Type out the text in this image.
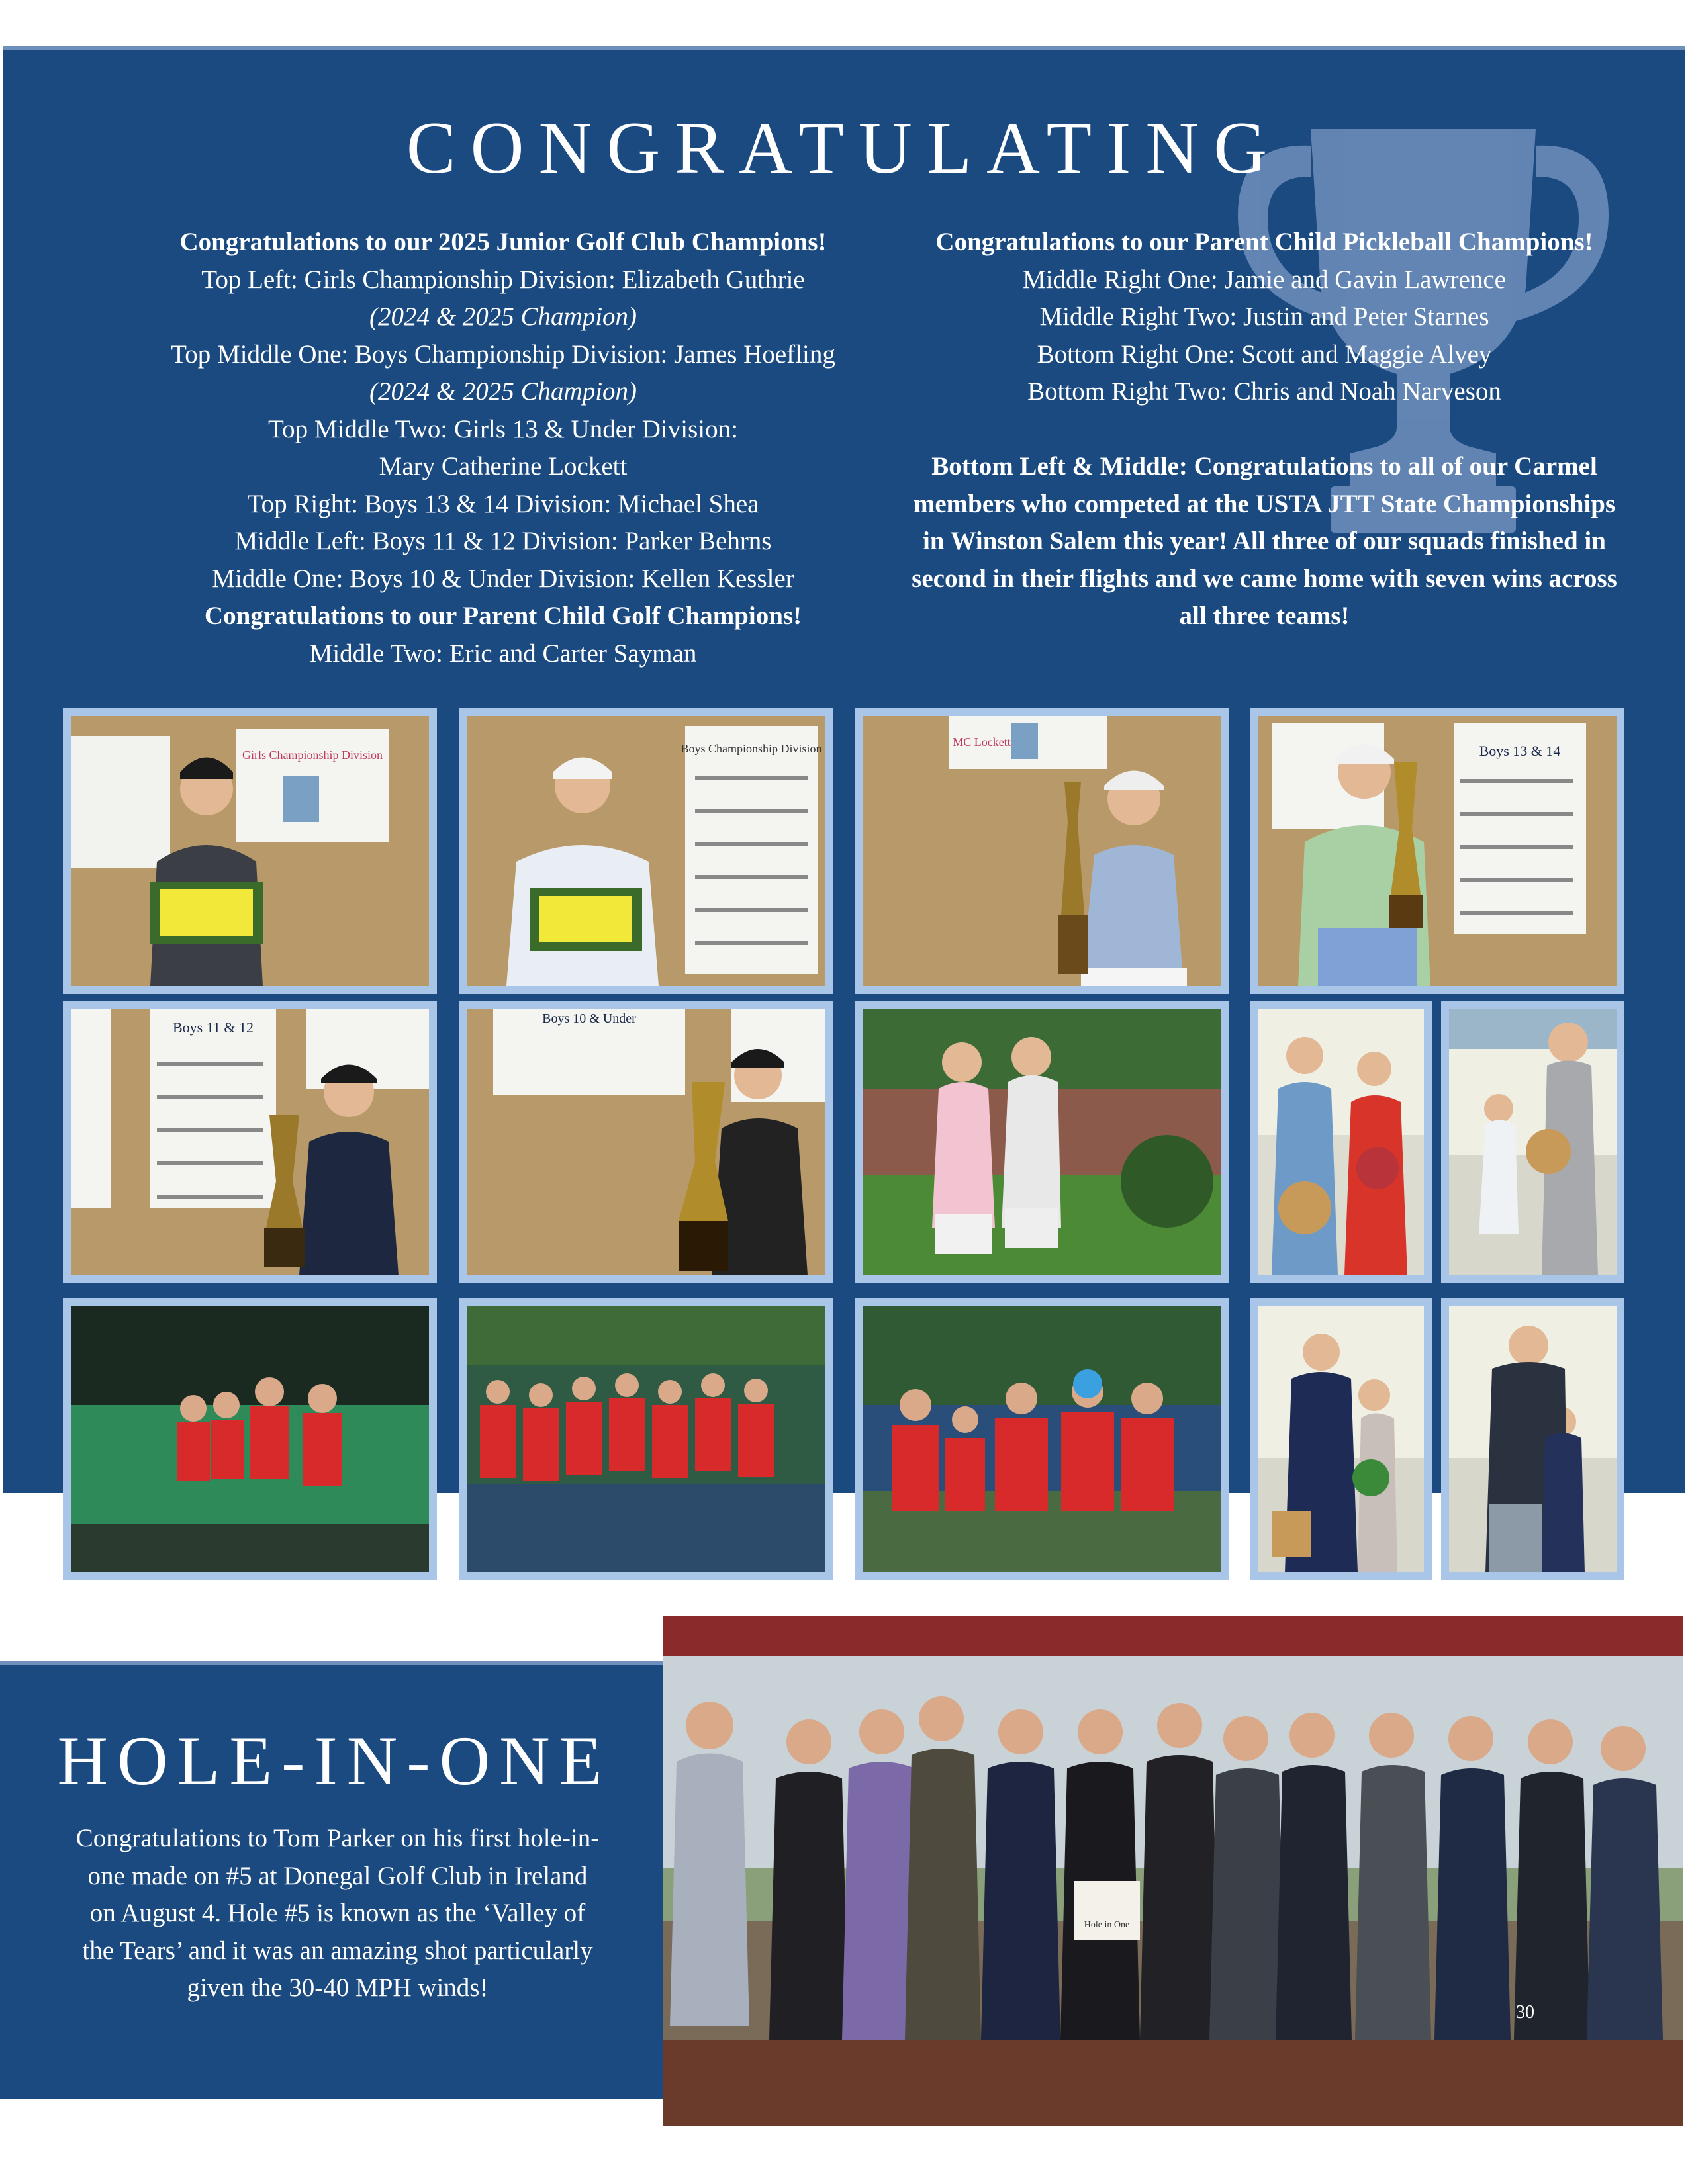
CONGRATULATING
Congratulations to our 2025 Junior Golf Club Champions!
Top Left: Girls Championship Division: Elizabeth Guthrie
(2024 & 2025 Champion)
Top Middle One: Boys Championship Division: James Hoefling
(2024 & 2025 Champion)
Top Middle Two: Girls 13 & Under Division:
Mary Catherine Lockett
Top Right: Boys 13 & 14 Division: Michael Shea
Middle Left: Boys 11 & 12 Division: Parker Behrns
Middle One: Boys 10 & Under Division: Kellen Kessler
Congratulations to our Parent Child Golf Champions!
Middle Two: Eric and Carter Sayman
Congratulations to our Parent Child Pickleball Champions!
Middle Right One: Jamie and Gavin Lawrence
Middle Right Two: Justin and Peter Starnes
Bottom Right One: Scott and Maggie Alvey
Bottom Right Two: Chris and Noah Narveson
Bottom Left & Middle: Congratulations to all of our Carmel members who competed at the USTA JTT State Championships in Winston Salem this year! All three of our squads finished in second in their flights and we came home with seven wins across all three teams!
Girls Championship Division	Boys Championship Division	MC Lockett
Boys 13 & 14
Boys 11 & 12
Boys 10 & Under
HOLE-IN-ONE
Congratulations to Tom Parker on his first hole-in-one made on #5 at Donegal Golf Club in Ireland on August 4. Hole #5 is known as the ‘Valley of the Tears’ and it was an amazing shot particularly given the 30-40 MPH winds!
Hole in One
30
